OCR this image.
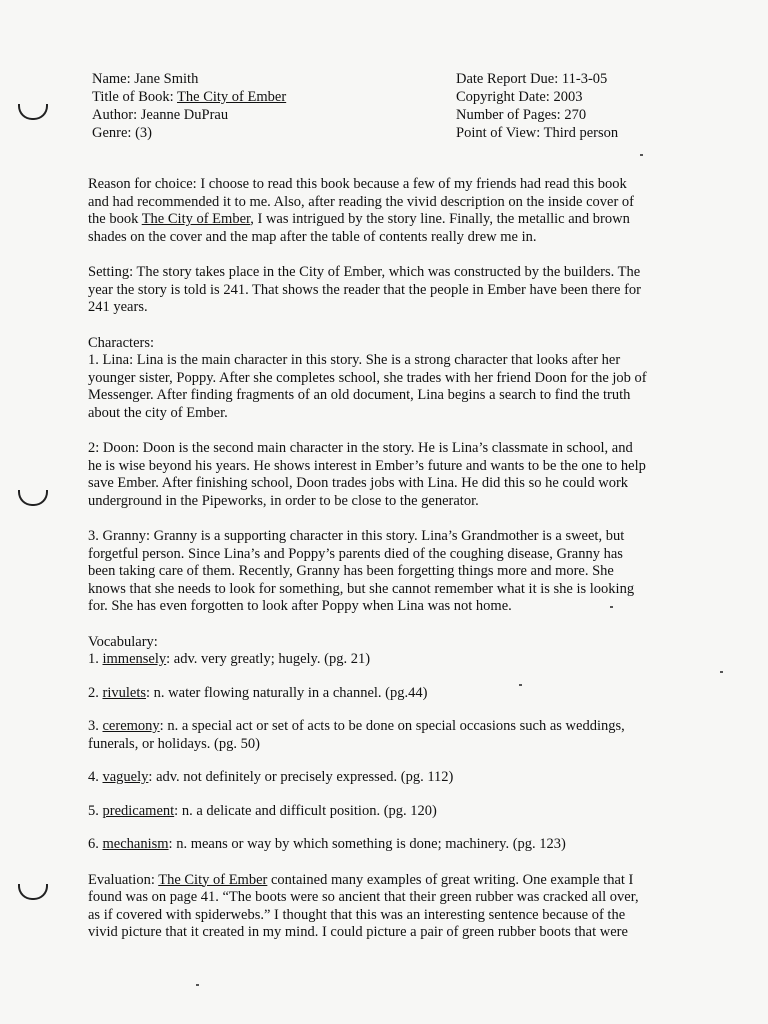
Name: Jane Smith
Title of Book: The City of Ember
Author: Jeanne DuPrau
Genre: (3)
Date Report Due: 11-3-05
Copyright Date: 2003
Number of Pages: 270
Point of View: Third person
Reason for choice: I choose to read this book because a few of my friends had read this book
and had recommended it to me. Also, after reading the vivid description on the inside cover of
the book The City of Ember, I was intrigued by the story line. Finally, the metallic and brown
shades on the cover and the map after the table of contents really drew me in.
Setting: The story takes place in the City of Ember, which was constructed by the builders. The
year the story is told is 241. That shows the reader that the people in Ember have been there for
241 years.
Characters:
1. Lina: Lina is the main character in this story. She is a strong character that looks after her
younger sister, Poppy. After she completes school, she trades with her friend Doon for the job of
Messenger. After finding fragments of an old document, Lina begins a search to find the truth
about the city of Ember.
2: Doon: Doon is the second main character in the story. He is Lina’s classmate in school, and
he is wise beyond his years. He shows interest in Ember’s future and wants to be the one to help
save Ember. After finishing school, Doon trades jobs with Lina. He did this so he could work
underground in the Pipeworks, in order to be close to the generator.
3. Granny: Granny is a supporting character in this story. Lina’s Grandmother is a sweet, but
forgetful person. Since Lina’s and Poppy’s parents died of the coughing disease, Granny has
been taking care of them. Recently, Granny has been forgetting things more and more. She
knows that she needs to look for something, but she cannot remember what it is she is looking
for. She has even forgotten to look after Poppy when Lina was not home.
Vocabulary:
1. immensely: adv. very greatly; hugely. (pg. 21)
2. rivulets: n. water flowing naturally in a channel. (pg.44)
3. ceremony: n. a special act or set of acts to be done on special occasions such as weddings,
funerals, or holidays. (pg. 50)
4. vaguely: adv. not definitely or precisely expressed. (pg. 112)
5. predicament: n. a delicate and difficult position. (pg. 120)
6. mechanism: n. means or way by which something is done; machinery. (pg. 123)
Evaluation: The City of Ember contained many examples of great writing. One example that I
found was on page 41. “The boots were so ancient that their green rubber was cracked all over,
as if covered with spiderwebs.” I thought that this was an interesting sentence because of the
vivid picture that it created in my mind. I could picture a pair of green rubber boots that were
